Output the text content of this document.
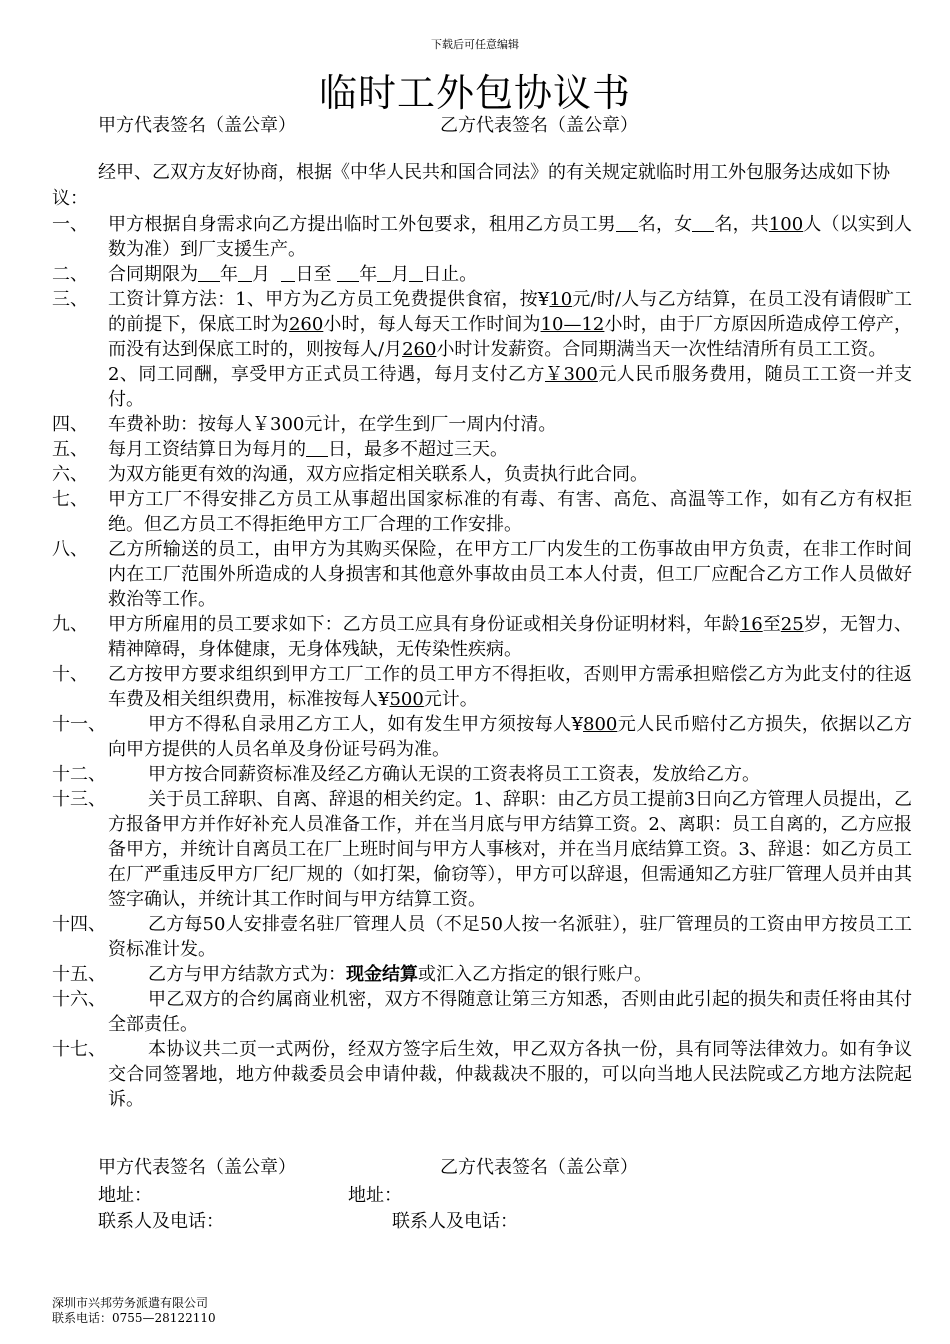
下载后可任意编辑
临时工外包协议书
甲方代表签名（盖公章）	乙方代表签名（盖公章）
经甲、乙双方友好协商，根据《中华人民共和国合同法》的有关规定就临时用工外包服务达成如下协议：
一、	甲方根据自身需求向乙方提出临时工外包要求，租用乙方员工男 名，女 名，共100人（以实到人数为准）到厂支援生产。
二、	合同期限为 年 月 日至 年 月 日止。
三、	工资计算方法：1、甲方为乙方员工免费提供食宿，按¥10元/时/人与乙方结算，在员工没有请假旷工的前提下，保底工时为260小时，每人每天工作时间为10—12小时，由于厂方原因所造成停工停产，而没有达到保底工时的，则按每人/月260小时计发薪资。合同期满当天一次性结清所有员工工资。
2、同工同酬，享受甲方正式员工待遇，每月支付乙方￥300元人民币服务费用，随员工工资一并支付。
四、	车费补助：按每人￥300元计，在学生到厂一周内付清。
五、	每月工资结算日为每月的 日，最多不超过三天。
六、	为双方能更有效的沟通，双方应指定相关联系人，负责执行此合同。
七、	甲方工厂不得安排乙方员工从事超出国家标准的有毒、有害、高危、高温等工作，如有乙方有权拒绝。但乙方员工不得拒绝甲方工厂合理的工作安排。
八、	乙方所输送的员工，由甲方为其购买保险，在甲方工厂内发生的工伤事故由甲方负责，在非工作时间内在工厂范围外所造成的人身损害和其他意外事故由员工本人付责，但工厂应配合乙方工作人员做好救治等工作。
九、	甲方所雇用的员工要求如下：乙方员工应具有身份证或相关身份证明材料，年龄16至25岁，无智力、精神障碍，身体健康，无身体残缺，无传染性疾病。
十、	乙方按甲方要求组织到甲方工厂工作的员工甲方不得拒收，否则甲方需承担赔偿乙方为此支付的往返车费及相关组织费用，标准按每人¥500元计。
十一、	甲方不得私自录用乙方工人，如有发生甲方须按每人¥800元人民币赔付乙方损失，依据以乙方向甲方提供的人员名单及身份证号码为准。
十二、	甲方按合同薪资标准及经乙方确认无误的工资表将员工工资表，发放给乙方。
十三、	关于员工辞职、自离、辞退的相关约定。1、辞职：由乙方员工提前3日向乙方管理人员提出，乙方报备甲方并作好补充人员准备工作，并在当月底与甲方结算工资。2、离职：员工自离的，乙方应报备甲方，并统计自离员工在厂上班时间与甲方人事核对，并在当月底结算工资。3、辞退：如乙方员工在厂严重违反甲方厂纪厂规的（如打架，偷窃等），甲方可以辞退，但需通知乙方驻厂管理人员并由其签字确认，并统计其工作时间与甲方结算工资。
十四、	乙方每50人安排壹名驻厂管理人员（不足50人按一名派驻），驻厂管理员的工资由甲方按员工工资标准计发。
十五、	乙方与甲方结款方式为：现金结算或汇入乙方指定的银行账户。
十六、	甲乙双方的合约属商业机密，双方不得随意让第三方知悉，否则由此引起的损失和责任将由其付全部责任。
十七、	本协议共二页一式两份，经双方签字后生效，甲乙双方各执一份，具有同等法律效力。如有争议交合同签署地，地方仲裁委员会申请仲裁，仲裁裁决不服的，可以向当地人民法院或乙方地方法院起诉。
甲方代表签名（盖公章）	乙方代表签名（盖公章）
地址：	地址：
联系人及电话：	联系人及电话：
深圳市兴邦劳务派遣有限公司
联系电话：0755—28122110
